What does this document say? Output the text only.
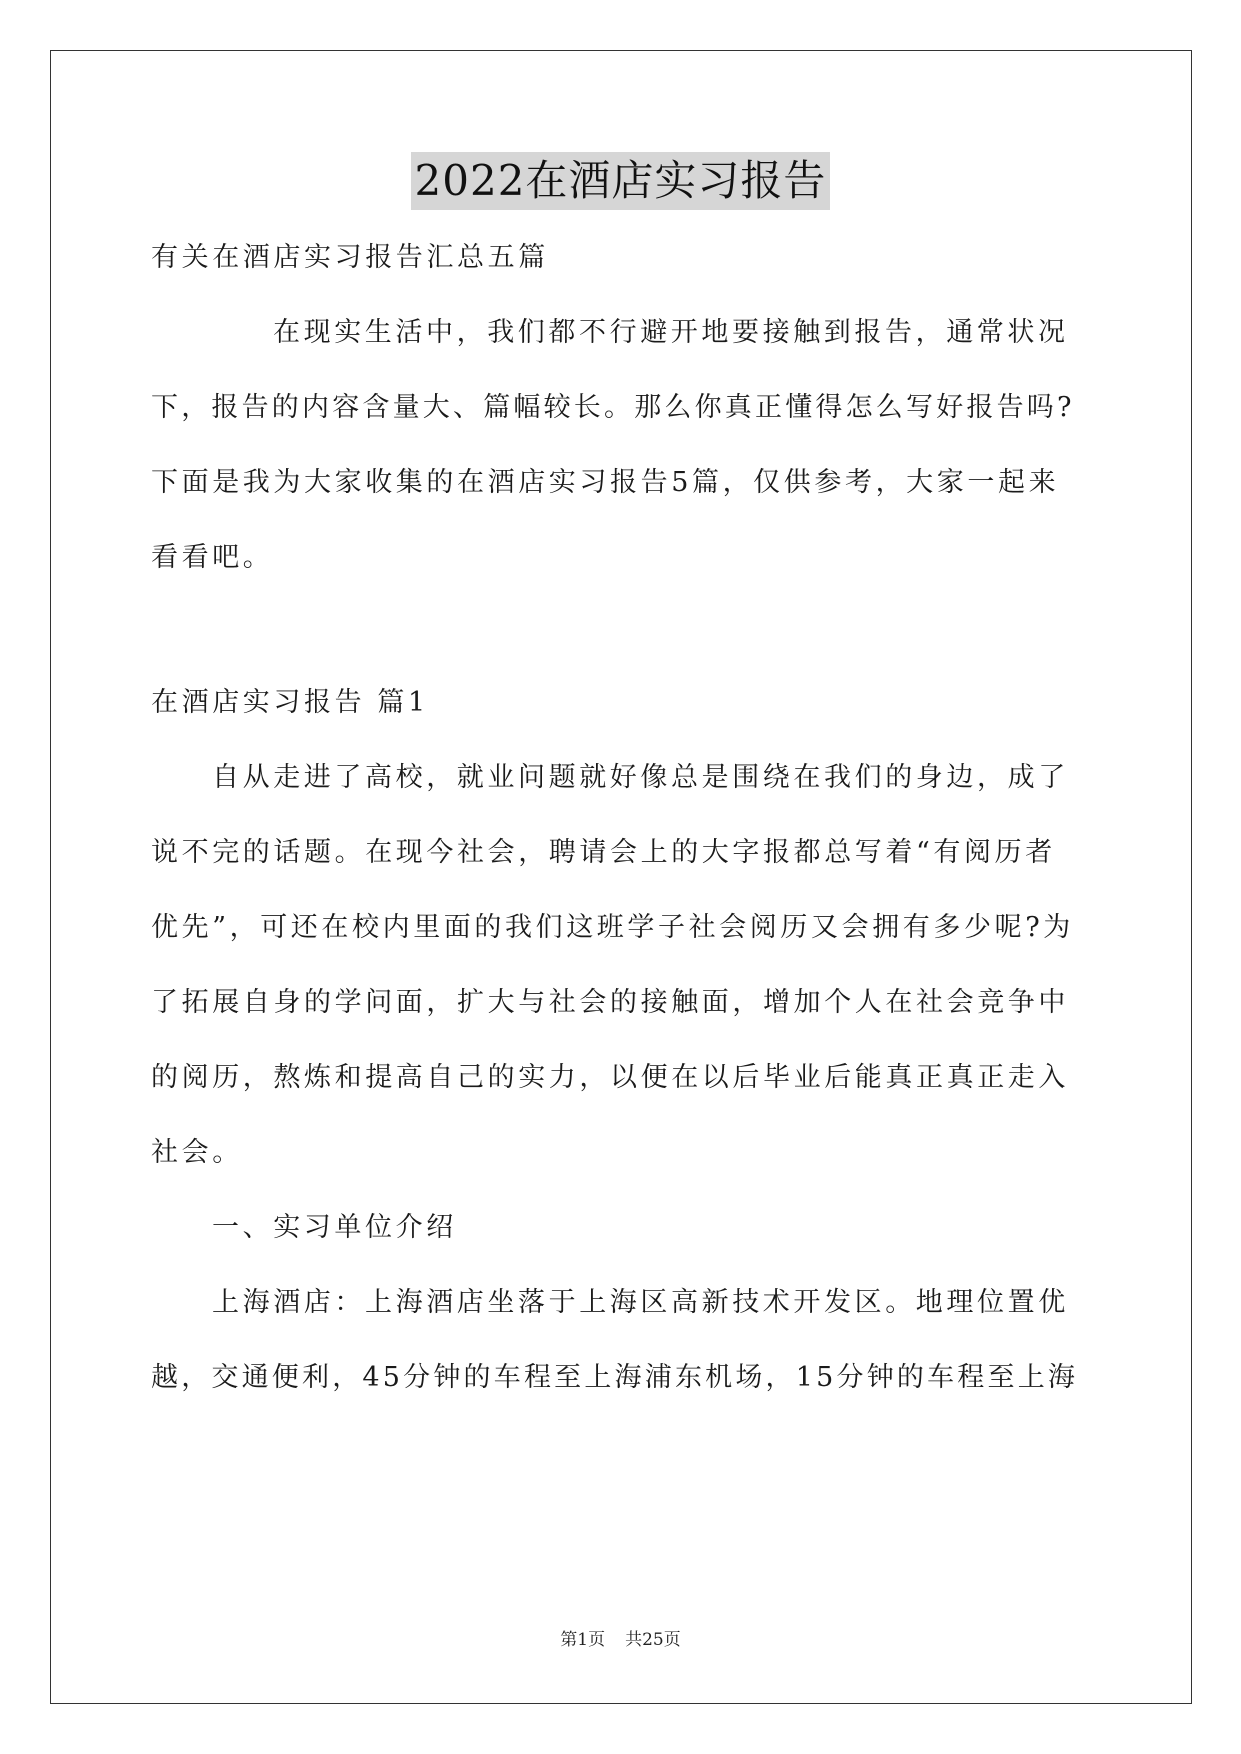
2022在酒店实习报告
有关在酒店实习报告汇总五篇
在现实生活中，我们都不行避开地要接触到报告，通常状况
下，报告的内容含量大、篇幅较长。那么你真正懂得怎么写好报告吗?
下面是我为大家收集的在酒店实习报告5篇，仅供参考，大家一起来
看看吧。
在酒店实习报告 篇1
自从走进了高校，就业问题就好像总是围绕在我们的身边，成了
说不完的话题。在现今社会，聘请会上的大字报都总写着“有阅历者
优先”，可还在校内里面的我们这班学子社会阅历又会拥有多少呢?为
了拓展自身的学问面，扩大与社会的接触面，增加个人在社会竞争中
的阅历，熬炼和提高自己的实力，以便在以后毕业后能真正真正走入
社会。
一、实习单位介绍
上海酒店：上海酒店坐落于上海区高新技术开发区。地理位置优
越，交通便利，45分钟的车程至上海浦东机场，15分钟的车程至上海
第1页 共25页
